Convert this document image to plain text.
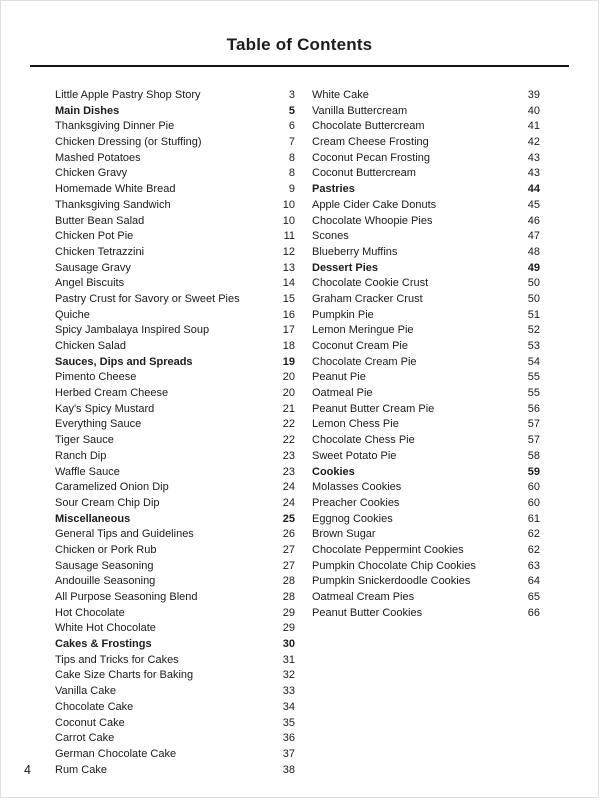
Table of Contents
Little Apple Pastry Shop Story	3
Main Dishes	5
Thanksgiving Dinner Pie	6
Chicken Dressing (or Stuffing)	7
Mashed Potatoes	8
Chicken Gravy	8
Homemade White Bread	9
Thanksgiving Sandwich	10
Butter Bean Salad	10
Chicken Pot Pie	11
Chicken Tetrazzini	12
Sausage Gravy	13
Angel Biscuits	14
Pastry Crust for Savory or Sweet Pies	15
Quiche	16
Spicy Jambalaya Inspired Soup	17
Chicken Salad	18
Sauces, Dips and Spreads	19
Pimento Cheese	20
Herbed Cream Cheese	20
Kay's Spicy Mustard	21
Everything Sauce	22
Tiger Sauce	22
Ranch Dip	23
Waffle Sauce	23
Caramelized Onion Dip	24
Sour Cream Chip Dip	24
Miscellaneous	25
General Tips and Guidelines	26
Chicken or Pork Rub	27
Sausage Seasoning	27
Andouille Seasoning	28
All Purpose Seasoning Blend	28
Hot Chocolate	29
White Hot Chocolate	29
Cakes & Frostings	30
Tips and Tricks for Cakes	31
Cake Size Charts for Baking	32
Vanilla Cake	33
Chocolate Cake	34
Coconut Cake	35
Carrot Cake	36
German Chocolate Cake	37
Rum Cake	38
White Cake	39
Vanilla Buttercream	40
Chocolate Buttercream	41
Cream Cheese Frosting	42
Coconut Pecan Frosting	43
Coconut Buttercream	43
Pastries	44
Apple Cider Cake Donuts	45
Chocolate Whoopie Pies	46
Scones	47
Blueberry Muffins	48
Dessert Pies	49
Chocolate Cookie Crust	50
Graham Cracker Crust	50
Pumpkin Pie	51
Lemon Meringue Pie	52
Coconut Cream Pie	53
Chocolate Cream Pie	54
Peanut Pie	55
Oatmeal Pie	55
Peanut Butter Cream Pie	56
Lemon Chess Pie	57
Chocolate Chess Pie	57
Sweet Potato Pie	58
Cookies	59
Molasses Cookies	60
Preacher Cookies	60
Eggnog Cookies	61
Brown Sugar	62
Chocolate Peppermint Cookies	62
Pumpkin Chocolate Chip Cookies	63
Pumpkin Snickerdoodle Cookies	64
Oatmeal Cream Pies	65
Peanut Butter Cookies	66
4
